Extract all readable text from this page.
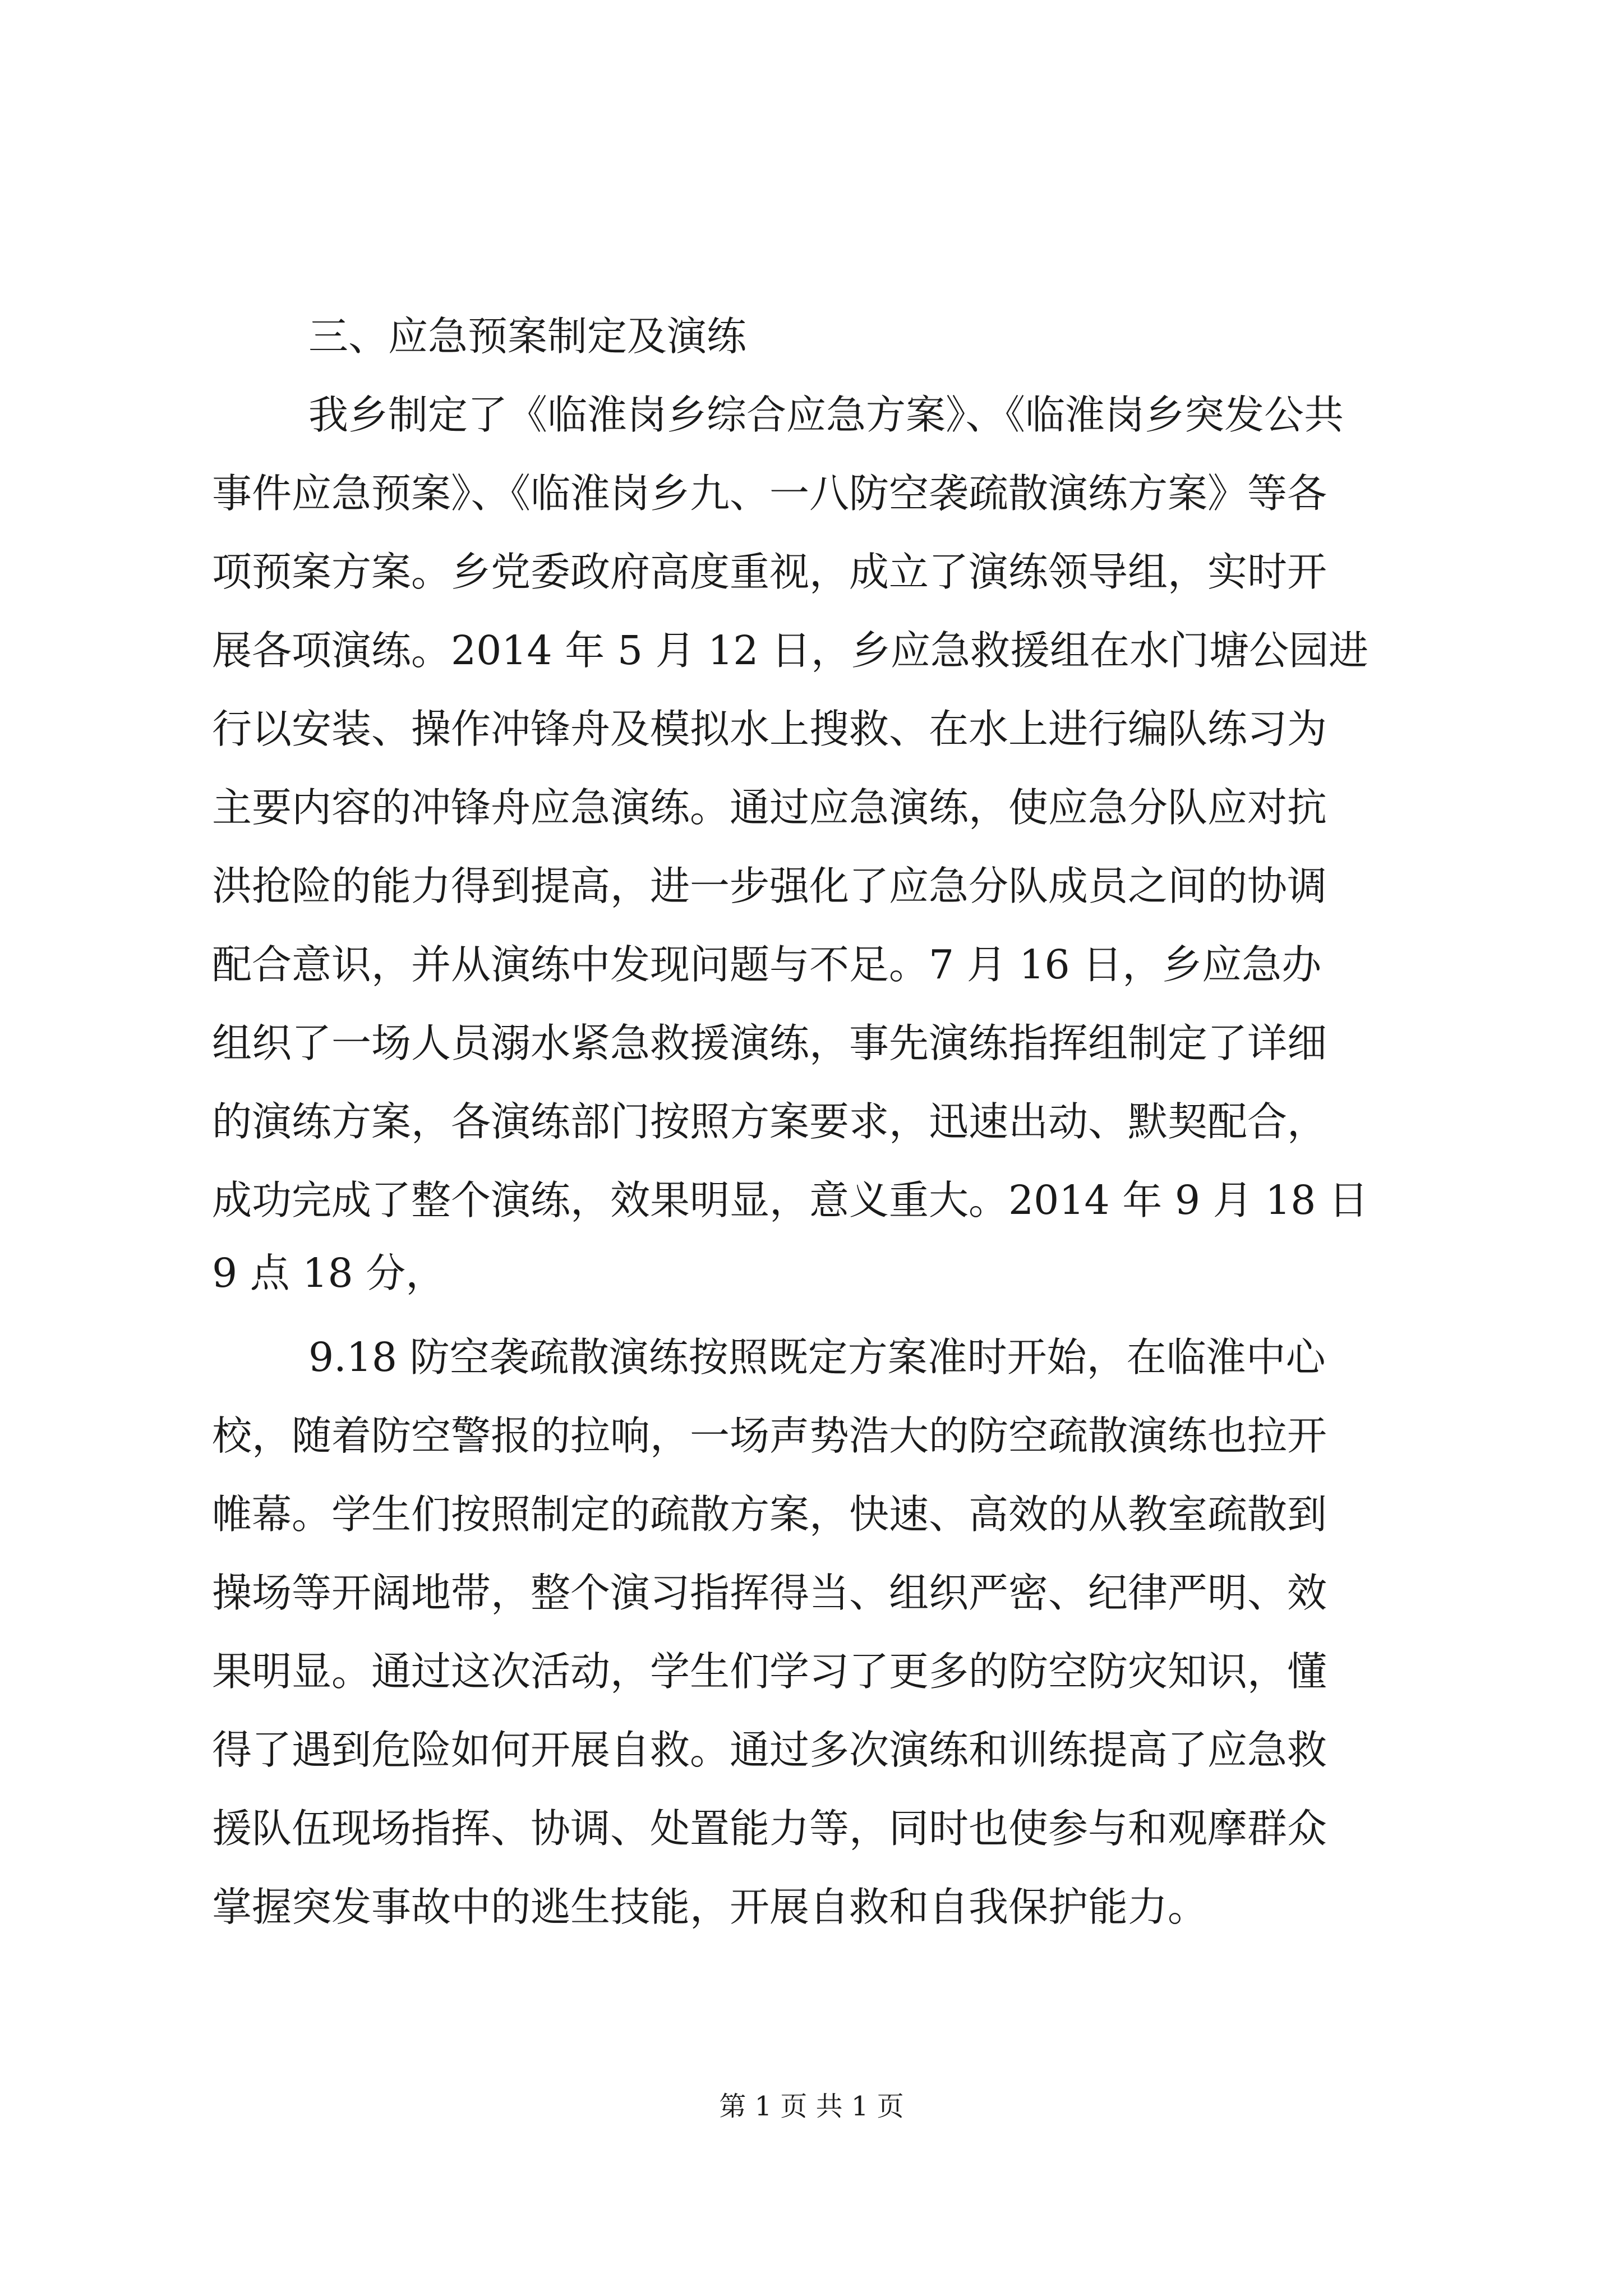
三、应急预案制定及演练
我乡制定了《临淮岗乡综合应急方案》、《临淮岗乡突发公共
事件应急预案》、《临淮岗乡九、一八防空袭疏散演练方案》等各
项预案方案。乡党委政府高度重视，成立了演练领导组，实时开
展各项演练。2014 年 5 月 12 日，乡应急救援组在水门塘公园进
行以安装、操作冲锋舟及模拟水上搜救、在水上进行编队练习为
主要内容的冲锋舟应急演练。通过应急演练，使应急分队应对抗
洪抢险的能力得到提高，进一步强化了应急分队成员之间的协调
配合意识，并从演练中发现问题与不足。7 月 16 日，乡应急办
组织了一场人员溺水紧急救援演练，事先演练指挥组制定了详细
的演练方案，各演练部门按照方案要求，迅速出动、默契配合，
成功完成了整个演练，效果明显，意义重大。2014 年 9 月 18 日
9 点 18 分，
9.18 防空袭疏散演练按照既定方案准时开始，在临淮中心
校，随着防空警报的拉响，一场声势浩大的防空疏散演练也拉开
帷幕。学生们按照制定的疏散方案，快速、高效的从教室疏散到
操场等开阔地带，整个演习指挥得当、组织严密、纪律严明、效
果明显。通过这次活动，学生们学习了更多的防空防灾知识，懂
得了遇到危险如何开展自救。通过多次演练和训练提高了应急救
援队伍现场指挥、协调、处置能力等，同时也使参与和观摩群众
掌握突发事故中的逃生技能，开展自救和自我保护能力。
第 1 页 共 1 页
